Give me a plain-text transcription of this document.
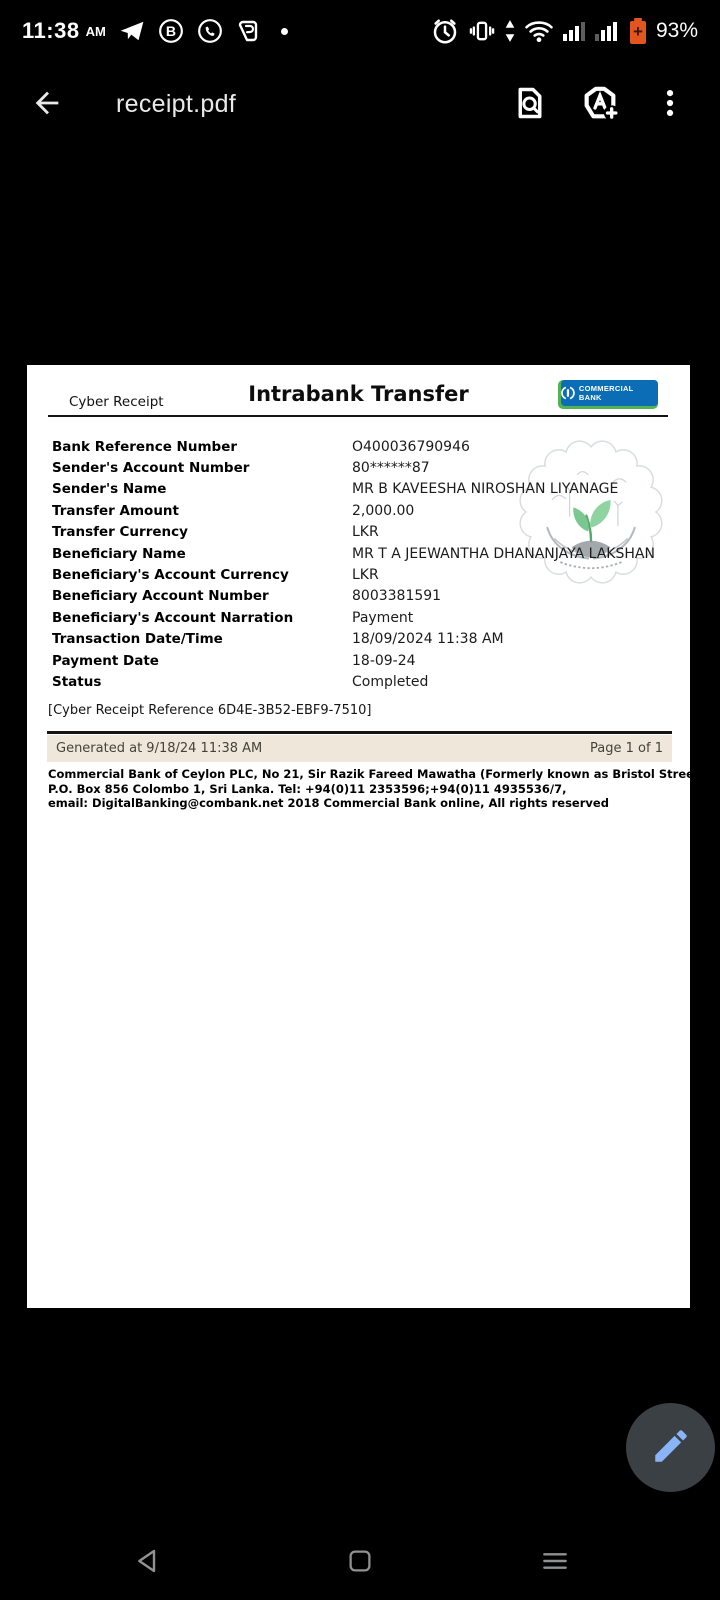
11:38 AM	B	+ 93%
receipt.pdf
Cyber Receipt	Intrabank Transfer	COMMERCIAL BANK
Bank Reference Number	O400036790946
Sender's Account Number	80******87
Sender's Name	MR B KAVEESHA NIROSHAN LIYANAGE
Transfer Amount	2,000.00
Transfer Currency	LKR
Beneficiary Name	MR T A JEEWANTHA DHANANJAYA LAKSHAN
Beneficiary's Account Currency	LKR
Beneficiary Account Number	8003381591
Beneficiary's Account Narration	Payment
Transaction Date/Time	18/09/2024 11:38 AM
Payment Date	18-09-24
Status	Completed
[Cyber Receipt Reference 6D4E-3B52-EBF9-7510]
Generated at 9/18/24 11:38 AM	Page 1 of 1
Commercial Bank of Ceylon PLC, No 21, Sir Razik Fareed Mawatha (Formerly known as Bristol Street),
P.O. Box 856 Colombo 1, Sri Lanka. Tel: +94(0)11 2353596;+94(0)11 4935536/7,
email: DigitalBanking@combank.net 2018 Commercial Bank online, All rights reserved
